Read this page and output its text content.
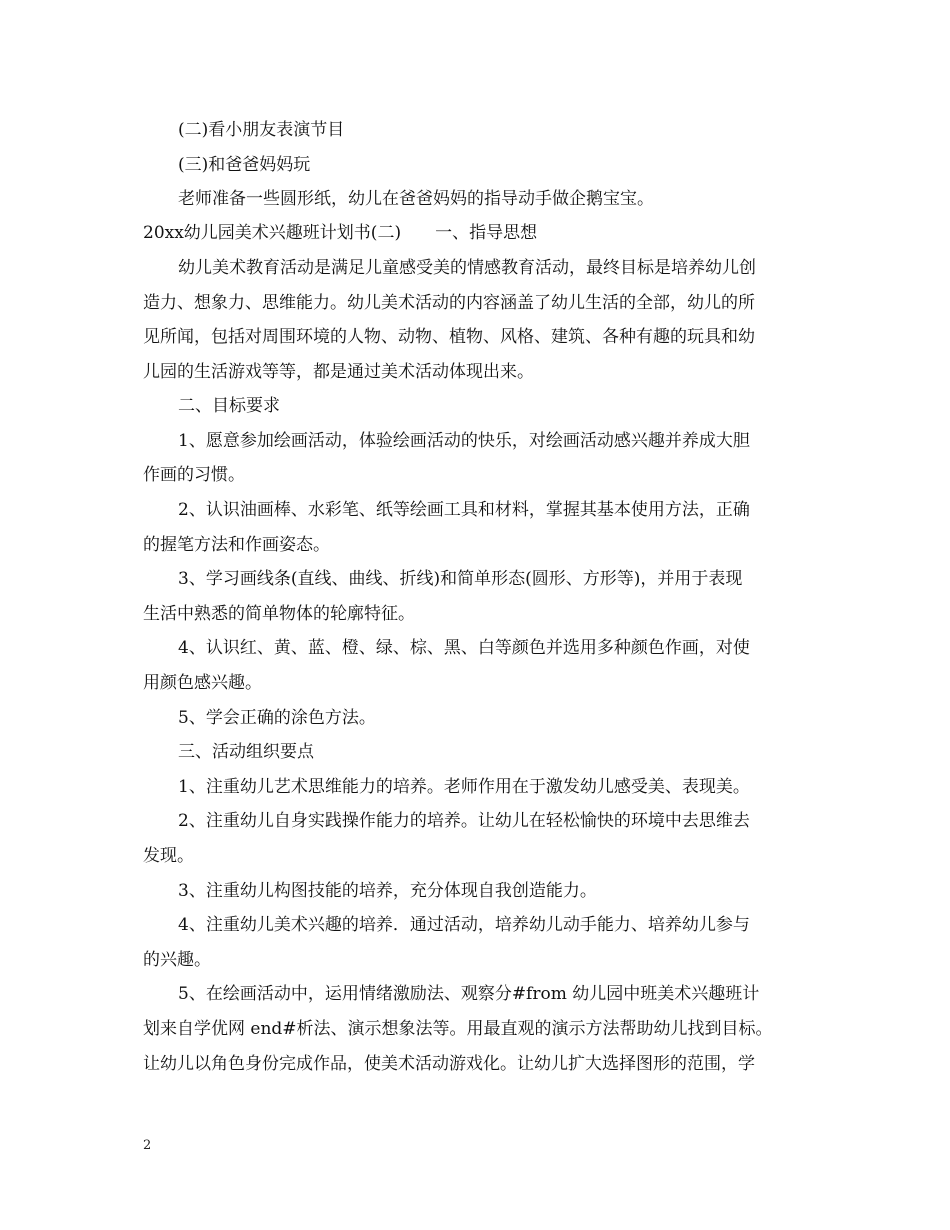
(二)看小朋友表演节目
(三)和爸爸妈妈玩
老师准备一些圆形纸，幼儿在爸爸妈妈的指导动手做企鹅宝宝。
20xx幼儿园美术兴趣班计划书(二)　　一、指导思想
幼儿美术教育活动是满足儿童感受美的情感教育活动，最终目标是培养幼儿创
造力、想象力、思维能力。幼儿美术活动的内容涵盖了幼儿生活的全部，幼儿的所
见所闻，包括对周围环境的人物、动物、植物、风格、建筑、各种有趣的玩具和幼
儿园的生活游戏等等，都是通过美术活动体现出来。
二、目标要求
1、愿意参加绘画活动，体验绘画活动的快乐，对绘画活动感兴趣并养成大胆
作画的习惯。
2、认识油画棒、水彩笔、纸等绘画工具和材料，掌握其基本使用方法，正确
的握笔方法和作画姿态。
3、学习画线条(直线、曲线、折线)和简单形态(圆形、方形等)，并用于表现
生活中熟悉的简单物体的轮廓特征。
4、认识红、黄、蓝、橙、绿、棕、黑、白等颜色并选用多种颜色作画，对使
用颜色感兴趣。
5、学会正确的涂色方法。
三、活动组织要点
1、注重幼儿艺术思维能力的培养。老师作用在于激发幼儿感受美、表现美。
2、注重幼儿自身实践操作能力的培养。让幼儿在轻松愉快的环境中去思维去
发现。
3、注重幼儿构图技能的培养，充分体现自我创造能力。
4、注重幼儿美术兴趣的培养．通过活动，培养幼儿动手能力、培养幼儿参与
的兴趣。
5、在绘画活动中，运用情绪激励法、观察分#from 幼儿园中班美术兴趣班计
划来自学优网 end#析法、演示想象法等。用最直观的演示方法帮助幼儿找到目标。
让幼儿以角色身份完成作品，使美术活动游戏化。让幼儿扩大选择图形的范围，学
2
